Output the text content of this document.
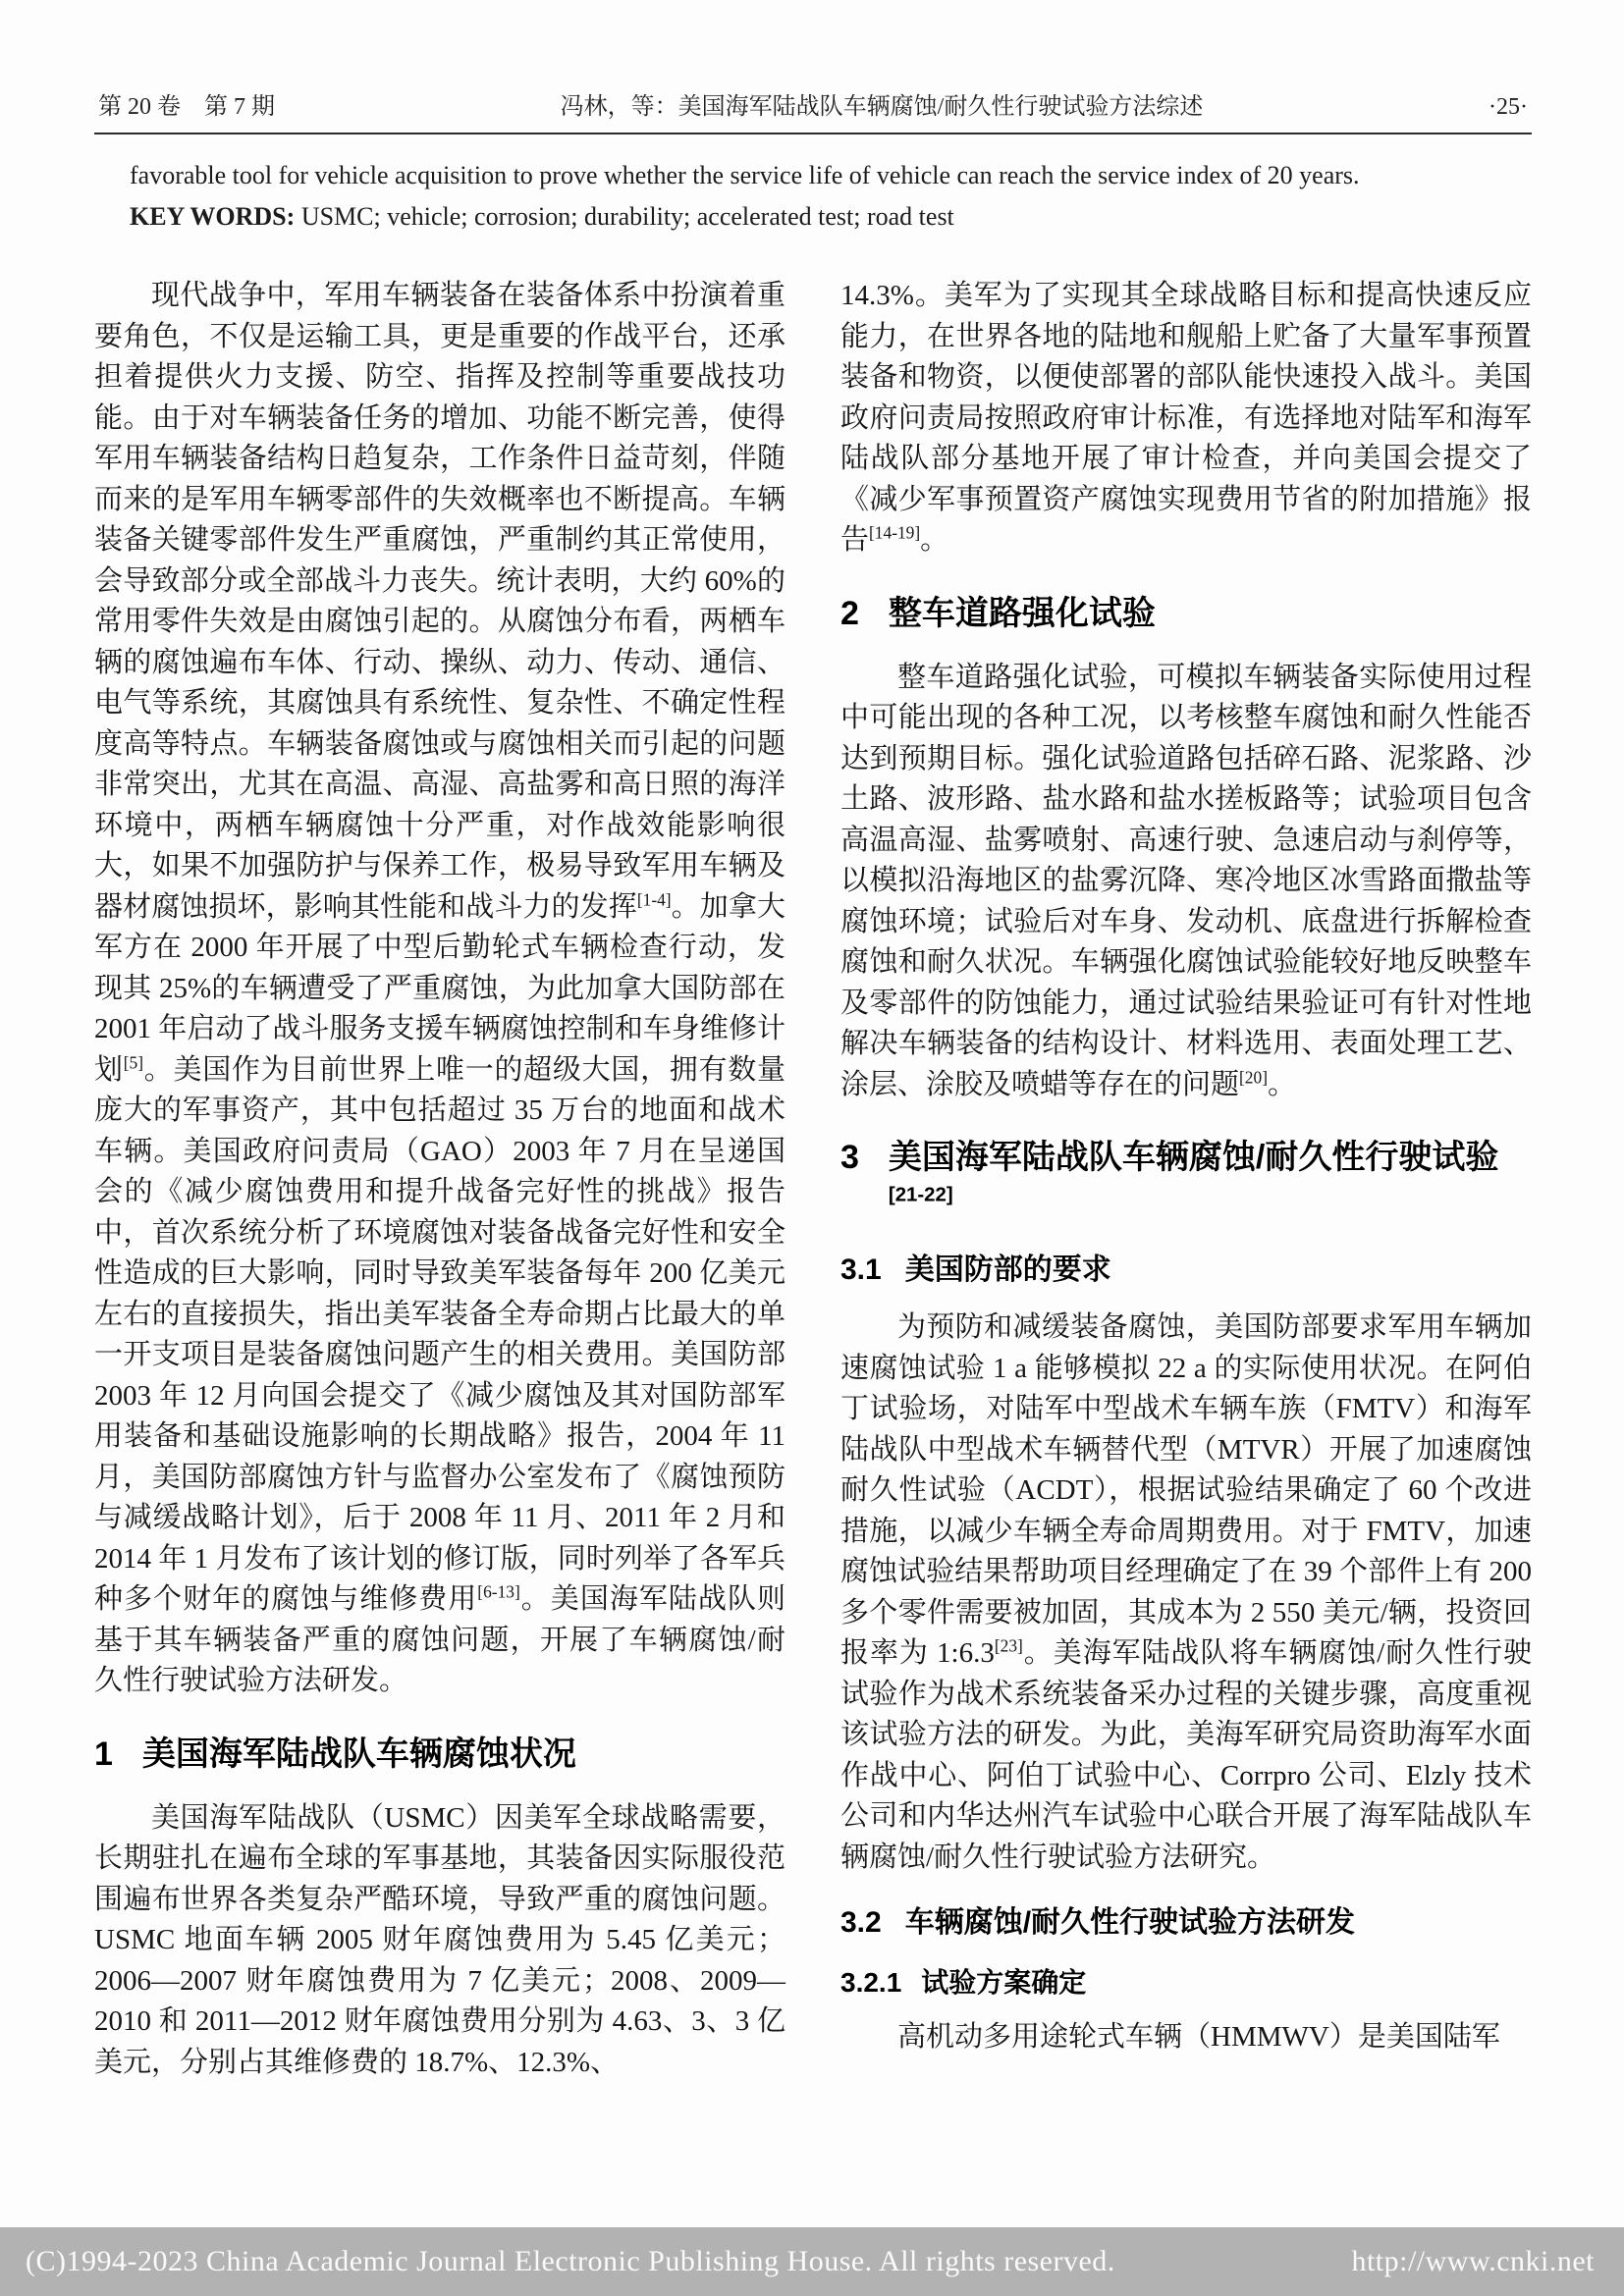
第 20 卷　第 7 期	冯林，等：美国海军陆战队车辆腐蚀/耐久性行驶试验方法综述	·25·
favorable tool for vehicle acquisition to prove whether the service life of vehicle can reach the service index of 20 years.
KEY WORDS: USMC; vehicle; corrosion; durability; accelerated test; road test

现代战争中，军用车辆装备在装备体系中扮演着重要角色，不仅是运输工具，更是重要的作战平台，还承担着提供火力支援、防空、指挥及控制等重要战技功能。由于对车辆装备任务的增加、功能不断完善，使得军用车辆装备结构日趋复杂，工作条件日益苛刻，伴随而来的是军用车辆零部件的失效概率也不断提高。车辆装备关键零部件发生严重腐蚀，严重制约其正常使用，会导致部分或全部战斗力丧失。统计表明，大约 60%的常用零件失效是由腐蚀引起的。从腐蚀分布看，两栖车辆的腐蚀遍布车体、行动、操纵、动力、传动、通信、电气等系统，其腐蚀具有系统性、复杂性、不确定性程度高等特点。车辆装备腐蚀或与腐蚀相关而引起的问题非常突出，尤其在高温、高湿、高盐雾和高日照的海洋环境中，两栖车辆腐蚀十分严重，对作战效能影响很大，如果不加强防护与保养工作，极易导致军用车辆及器材腐蚀损坏，影响其性能和战斗力的发挥[1-4]。加拿大军方在 2000 年开展了中型后勤轮式车辆检查行动，发现其 25%的车辆遭受了严重腐蚀，为此加拿大国防部在 2001 年启动了战斗服务支援车辆腐蚀控制和车身维修计划[5]。美国作为目前世界上唯一的超级大国，拥有数量庞大的军事资产，其中包括超过 35 万台的地面和战术车辆。美国政府问责局（GAO）2003 年 7 月在呈递国会的《减少腐蚀费用和提升战备完好性的挑战》报告中，首次系统分析了环境腐蚀对装备战备完好性和安全性造成的巨大影响，同时导致美军装备每年 200 亿美元左右的直接损失，指出美军装备全寿命期占比最大的单一开支项目是装备腐蚀问题产生的相关费用。美国防部 2003 年 12 月向国会提交了《减少腐蚀及其对国防部军用装备和基础设施影响的长期战略》报告，2004 年 11 月，美国防部腐蚀方针与监督办公室发布了《腐蚀预防与减缓战略计划》，后于 2008 年 11 月、2011 年 2 月和 2014 年 1 月发布了该计划的修订版，同时列举了各军兵种多个财年的腐蚀与维修费用[6-13]。美国海军陆战队则基于其车辆装备严重的腐蚀问题，开展了车辆腐蚀/耐久性行驶试验方法研发。

1 美国海军陆战队车辆腐蚀状况

美国海军陆战队（USMC）因美军全球战略需要，长期驻扎在遍布全球的军事基地，其装备因实际服役范围遍布世界各类复杂严酷环境，导致严重的腐蚀问题。USMC 地面车辆 2005 财年腐蚀费用为 5.45 亿美元；2006—2007 财年腐蚀费用为 7 亿美元；2008、2009—2010 和 2011—2012 财年腐蚀费用分别为 4.63、3、3 亿美元，分别占其维修费的 18.7%、12.3%、

14.3%。美军为了实现其全球战略目标和提高快速反应能力，在世界各地的陆地和舰船上贮备了大量军事预置装备和物资，以便使部署的部队能快速投入战斗。美国政府问责局按照政府审计标准，有选择地对陆军和海军陆战队部分基地开展了审计检查，并向美国会提交了《减少军事预置资产腐蚀实现费用节省的附加措施》报告[14-19]。

2 整车道路强化试验

整车道路强化试验，可模拟车辆装备实际使用过程中可能出现的各种工况，以考核整车腐蚀和耐久性能否达到预期目标。强化试验道路包括碎石路、泥浆路、沙土路、波形路、盐水路和盐水搓板路等；试验项目包含高温高湿、盐雾喷射、高速行驶、急速启动与刹停等，以模拟沿海地区的盐雾沉降、寒冷地区冰雪路面撒盐等腐蚀环境；试验后对车身、发动机、底盘进行拆解检查腐蚀和耐久状况。车辆强化腐蚀试验能较好地反映整车及零部件的防蚀能力，通过试验结果验证可有针对性地解决车辆装备的结构设计、材料选用、表面处理工艺、涂层、涂胶及喷蜡等存在的问题[20]。

3 美国海军陆战队车辆腐蚀/耐久性行驶试验[21-22]
3.1 美国防部的要求

为预防和减缓装备腐蚀，美国防部要求军用车辆加速腐蚀试验 1 a 能够模拟 22 a 的实际使用状况。在阿伯丁试验场，对陆军中型战术车辆车族（FMTV）和海军陆战队中型战术车辆替代型（MTVR）开展了加速腐蚀耐久性试验（ACDT），根据试验结果确定了 60 个改进措施，以减少车辆全寿命周期费用。对于 FMTV，加速腐蚀试验结果帮助项目经理确定了在 39 个部件上有 200 多个零件需要被加固，其成本为 2 550 美元/辆，投资回报率为 1:6.3[23]。美海军陆战队将车辆腐蚀/耐久性行驶试验作为战术系统装备采办过程的关键步骤，高度重视该试验方法的研发。为此，美海军研究局资助海军水面作战中心、阿伯丁试验中心、Corrpro 公司、Elzly 技术公司和内华达州汽车试验中心联合开展了海军陆战队车辆腐蚀/耐久性行驶试验方法研究。

3.2 车辆腐蚀/耐久性行驶试验方法研发
3.2.1 试验方案确定

高机动多用途轮式车辆（HMMWV）是美国陆军

(C)1994-2023 China Academic Journal Electronic Publishing House. All rights reserved.	http://www.cnki.net
